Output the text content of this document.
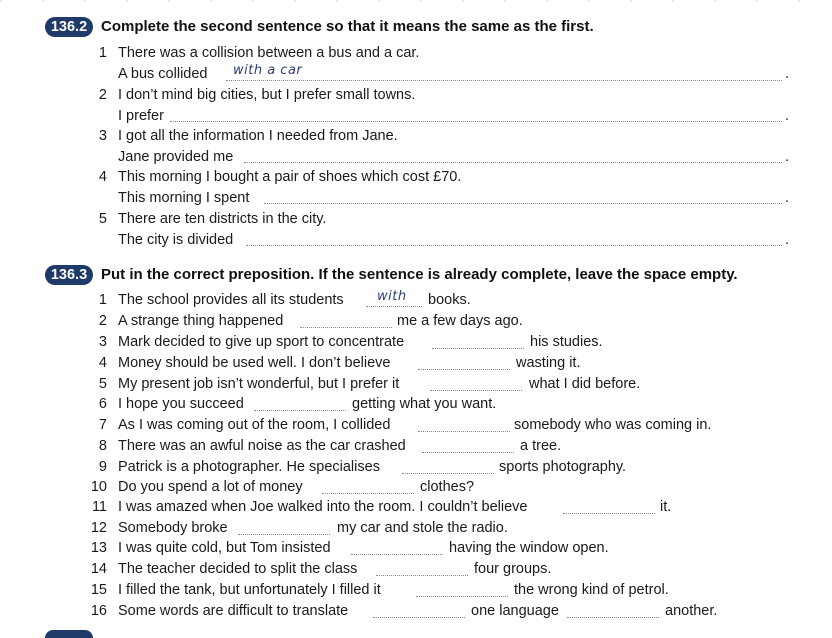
136.2 Complete the second sentence so that it means the same as the first.
1 There was a collision between a bus and a car.
A bus collided with a car	.
2 I don’t mind big cities, but I prefer small towns.
I prefer	.
3 I got all the information I needed from Jane.
Jane provided me	.
4 This morning I bought a pair of shoes which cost £70.
This morning I spent	.
5 There are ten districts in the city.
The city is divided	.
136.3 Put in the correct preposition. If the sentence is already complete, leave the space empty.
1 The school provides all its students	with books.
2 A strange thing happened	me a few days ago.
3 Mark decided to give up sport to concentrate	his studies.
4 Money should be used well. I don’t believe	wasting it.
5 My present job isn’t wonderful, but I prefer it	what I did before.
6 I hope you succeed	getting what you want.
7 As I was coming out of the room, I collided	somebody who was coming in.
8 There was an awful noise as the car crashed	a tree.
9 Patrick is a photographer. He specialises	sports photography.
10 Do you spend a lot of money	clothes?
11 I was amazed when Joe walked into the room. I couldn’t believe	it.
12 Somebody broke	my car and stole the radio.
13 I was quite cold, but Tom insisted	having the window open.
14 The teacher decided to split the class	four groups.
15 I filled the tank, but unfortunately I filled it	the wrong kind of petrol.
16 Some words are difficult to translate	one language	another.
